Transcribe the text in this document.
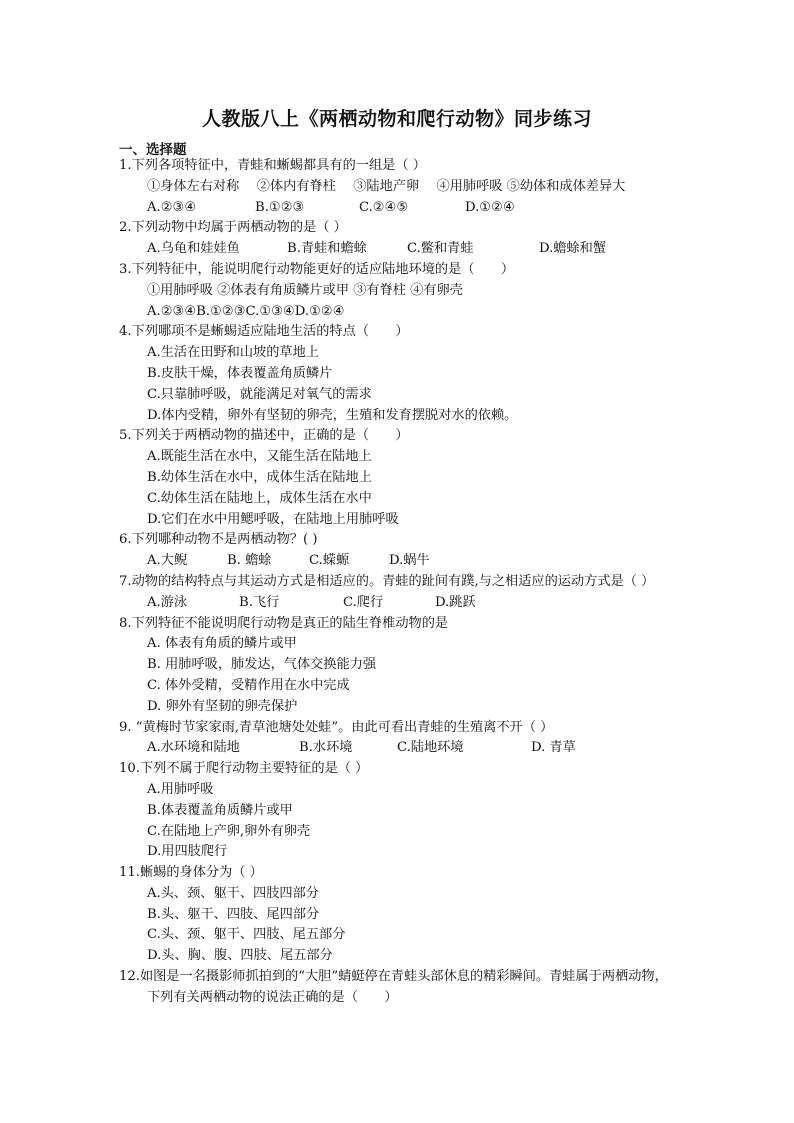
人教版八上《两栖动物和爬行动物》同步练习
一、选择题
1.下列各项特征中，青蛙和蜥蜴都具有的一组是（ ）
①身体左右对称　 ②体内有脊柱　 ③陆地产卵　 ④用肺呼吸 ⑤幼体和成体差异大
A.②③④	B.①②③	C.②④⑤	D.①②④
2.下列动物中均属于两栖动物的是（ ）
A.乌龟和娃娃鱼	B.青蛙和蟾蜍	C.鳖和青蛙	D.蟾蜍和蟹
3.下列特征中，能说明爬行动物能更好的适应陆地环境的是（　　）
①用肺呼吸 ②体表有角质鳞片或甲 ③有脊柱 ④有卵壳
A.②③④B.①②③C.①③④D.①②④
4.下列哪项不是蜥蜴适应陆地生活的特点（　　）
A.生活在田野和山坡的草地上
B.皮肤干燥，体表覆盖角质鳞片
C.只靠肺呼吸，就能满足对氧气的需求
D.体内受精，卵外有坚韧的卵壳，生殖和发育摆脱对水的依赖。
5.下列关于两栖动物的描述中，正确的是（　　）
A.既能生活在水中，又能生活在陆地上
B.幼体生活在水中，成体生活在陆地上
C.幼体生活在陆地上，成体生活在水中
D.它们在水中用鳃呼吸，在陆地上用肺呼吸
6.下列哪种动物不是两栖动物？( )
A.大鲵	B. 蟾蜍	C.蝾螈	D.蜗牛
7.动物的结构特点与其运动方式是相适应的。青蛙的趾间有蹼,与之相适应的运动方式是（ ）
A.游泳	B.飞行	C.爬行	D.跳跃
8.下列特征不能说明爬行动物是真正的陆生脊椎动物的是
A. 体表有角质的鳞片或甲
B. 用肺呼吸，肺发达，气体交换能力强
C. 体外受精，受精作用在水中完成
D. 卵外有坚韧的卵壳保护
9. “黄梅时节家家雨,青草池塘处处蛙”。由此可看出青蛙的生殖离不开（ ）
A.水环境和陆地	B.水环境	C.陆地环境	D. 青草
10.下列不属于爬行动物主要特征的是（ ）
A.用肺呼吸
B.体表覆盖角质鳞片或甲
C.在陆地上产卵,卵外有卵壳
D.用四肢爬行
11.蜥蜴的身体分为（ ）
A.头、颈、躯干、四肢四部分
B.头、躯干、四肢、尾四部分
C.头、颈、躯干、四肢、尾五部分
D.头、胸、腹、四肢、尾五部分
12.如图是一名摄影师抓拍到的“大胆”蜻蜓停在青蛙头部休息的精彩瞬间。青蛙属于两栖动物，
下列有关两栖动物的说法正确的是（　　）
